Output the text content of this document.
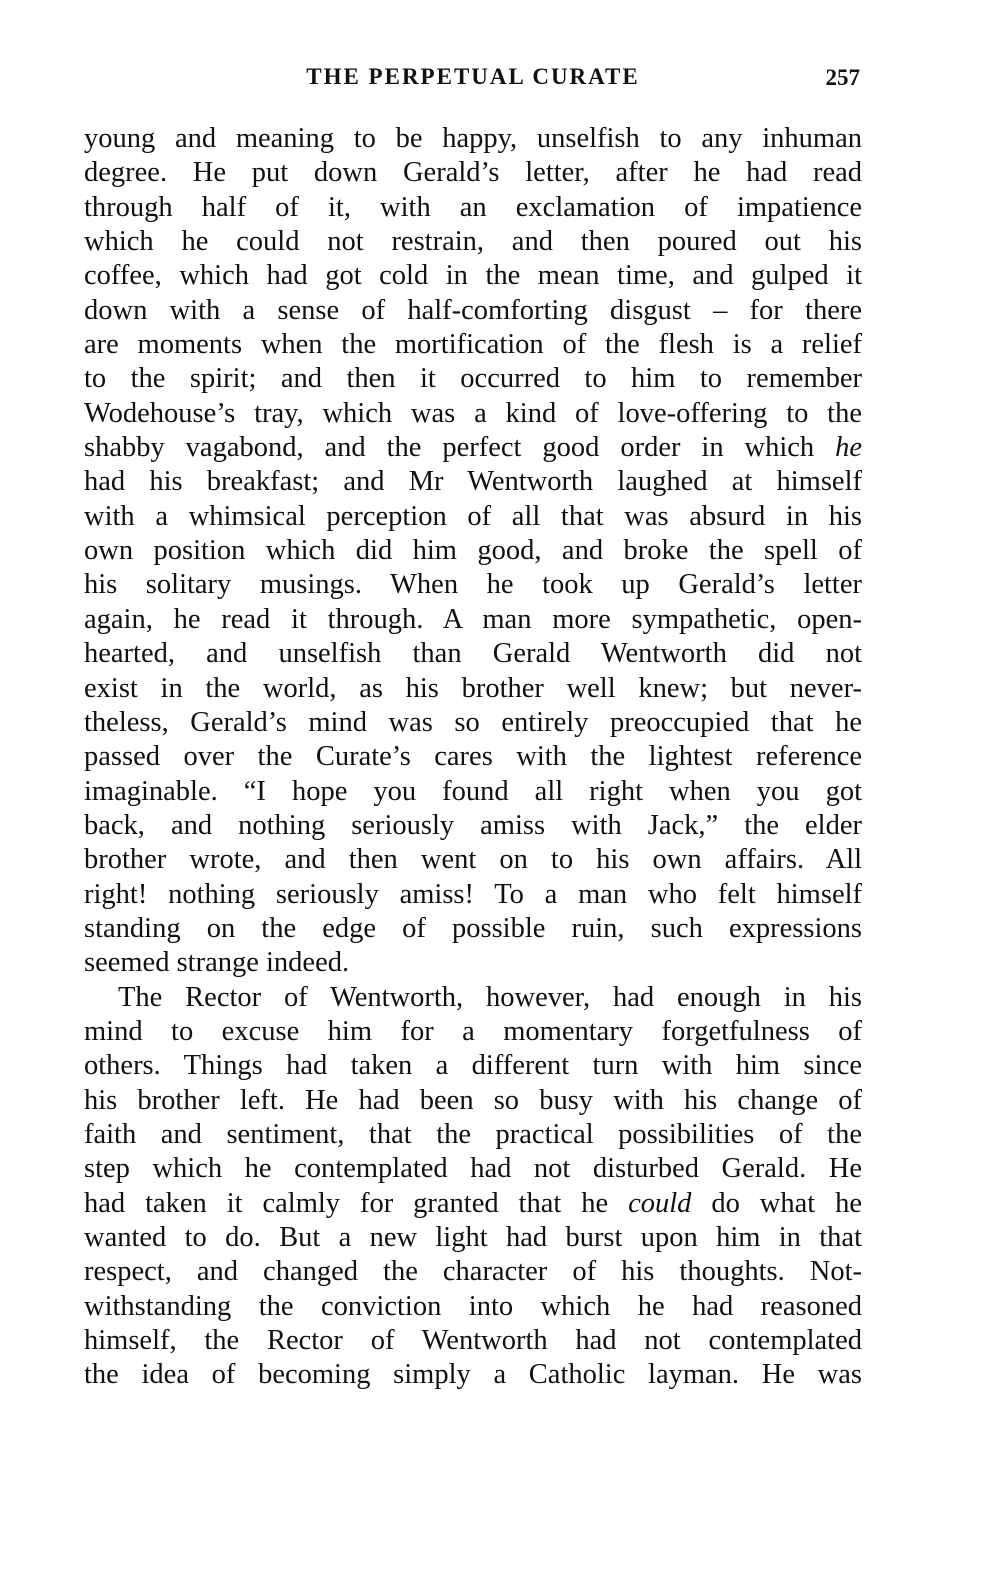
THE PERPETUAL CURATE	257
young and meaning to be happy, unselfish to any inhuman
degree. He put down Gerald’s letter, after he had read
through half of it, with an exclamation of impatience
which he could not restrain, and then poured out his
coffee, which had got cold in the mean time, and gulped it
down with a sense of half-comforting disgust – for there
are moments when the mortification of the flesh is a relief
to the spirit; and then it occurred to him to remember
Wodehouse’s tray, which was a kind of love-offering to the
shabby vagabond, and the perfect good order in which he
had his breakfast; and Mr Wentworth laughed at himself
with a whimsical perception of all that was absurd in his
own position which did him good, and broke the spell of
his solitary musings. When he took up Gerald’s letter
again, he read it through. A man more sympathetic, open-
hearted, and unselfish than Gerald Wentworth did not
exist in the world, as his brother well knew; but never-
theless, Gerald’s mind was so entirely preoccupied that he
passed over the Curate’s cares with the lightest reference
imaginable. “I hope you found all right when you got
back, and nothing seriously amiss with Jack,” the elder
brother wrote, and then went on to his own affairs. All
right! nothing seriously amiss! To a man who felt himself
standing on the edge of possible ruin, such expressions
seemed strange indeed.
The Rector of Wentworth, however, had enough in his
mind to excuse him for a momentary forgetfulness of
others. Things had taken a different turn with him since
his brother left. He had been so busy with his change of
faith and sentiment, that the practical possibilities of the
step which he contemplated had not disturbed Gerald. He
had taken it calmly for granted that he could do what he
wanted to do. But a new light had burst upon him in that
respect, and changed the character of his thoughts. Not-
withstanding the conviction into which he had reasoned
himself, the Rector of Wentworth had not contemplated
the idea of becoming simply a Catholic layman. He was
